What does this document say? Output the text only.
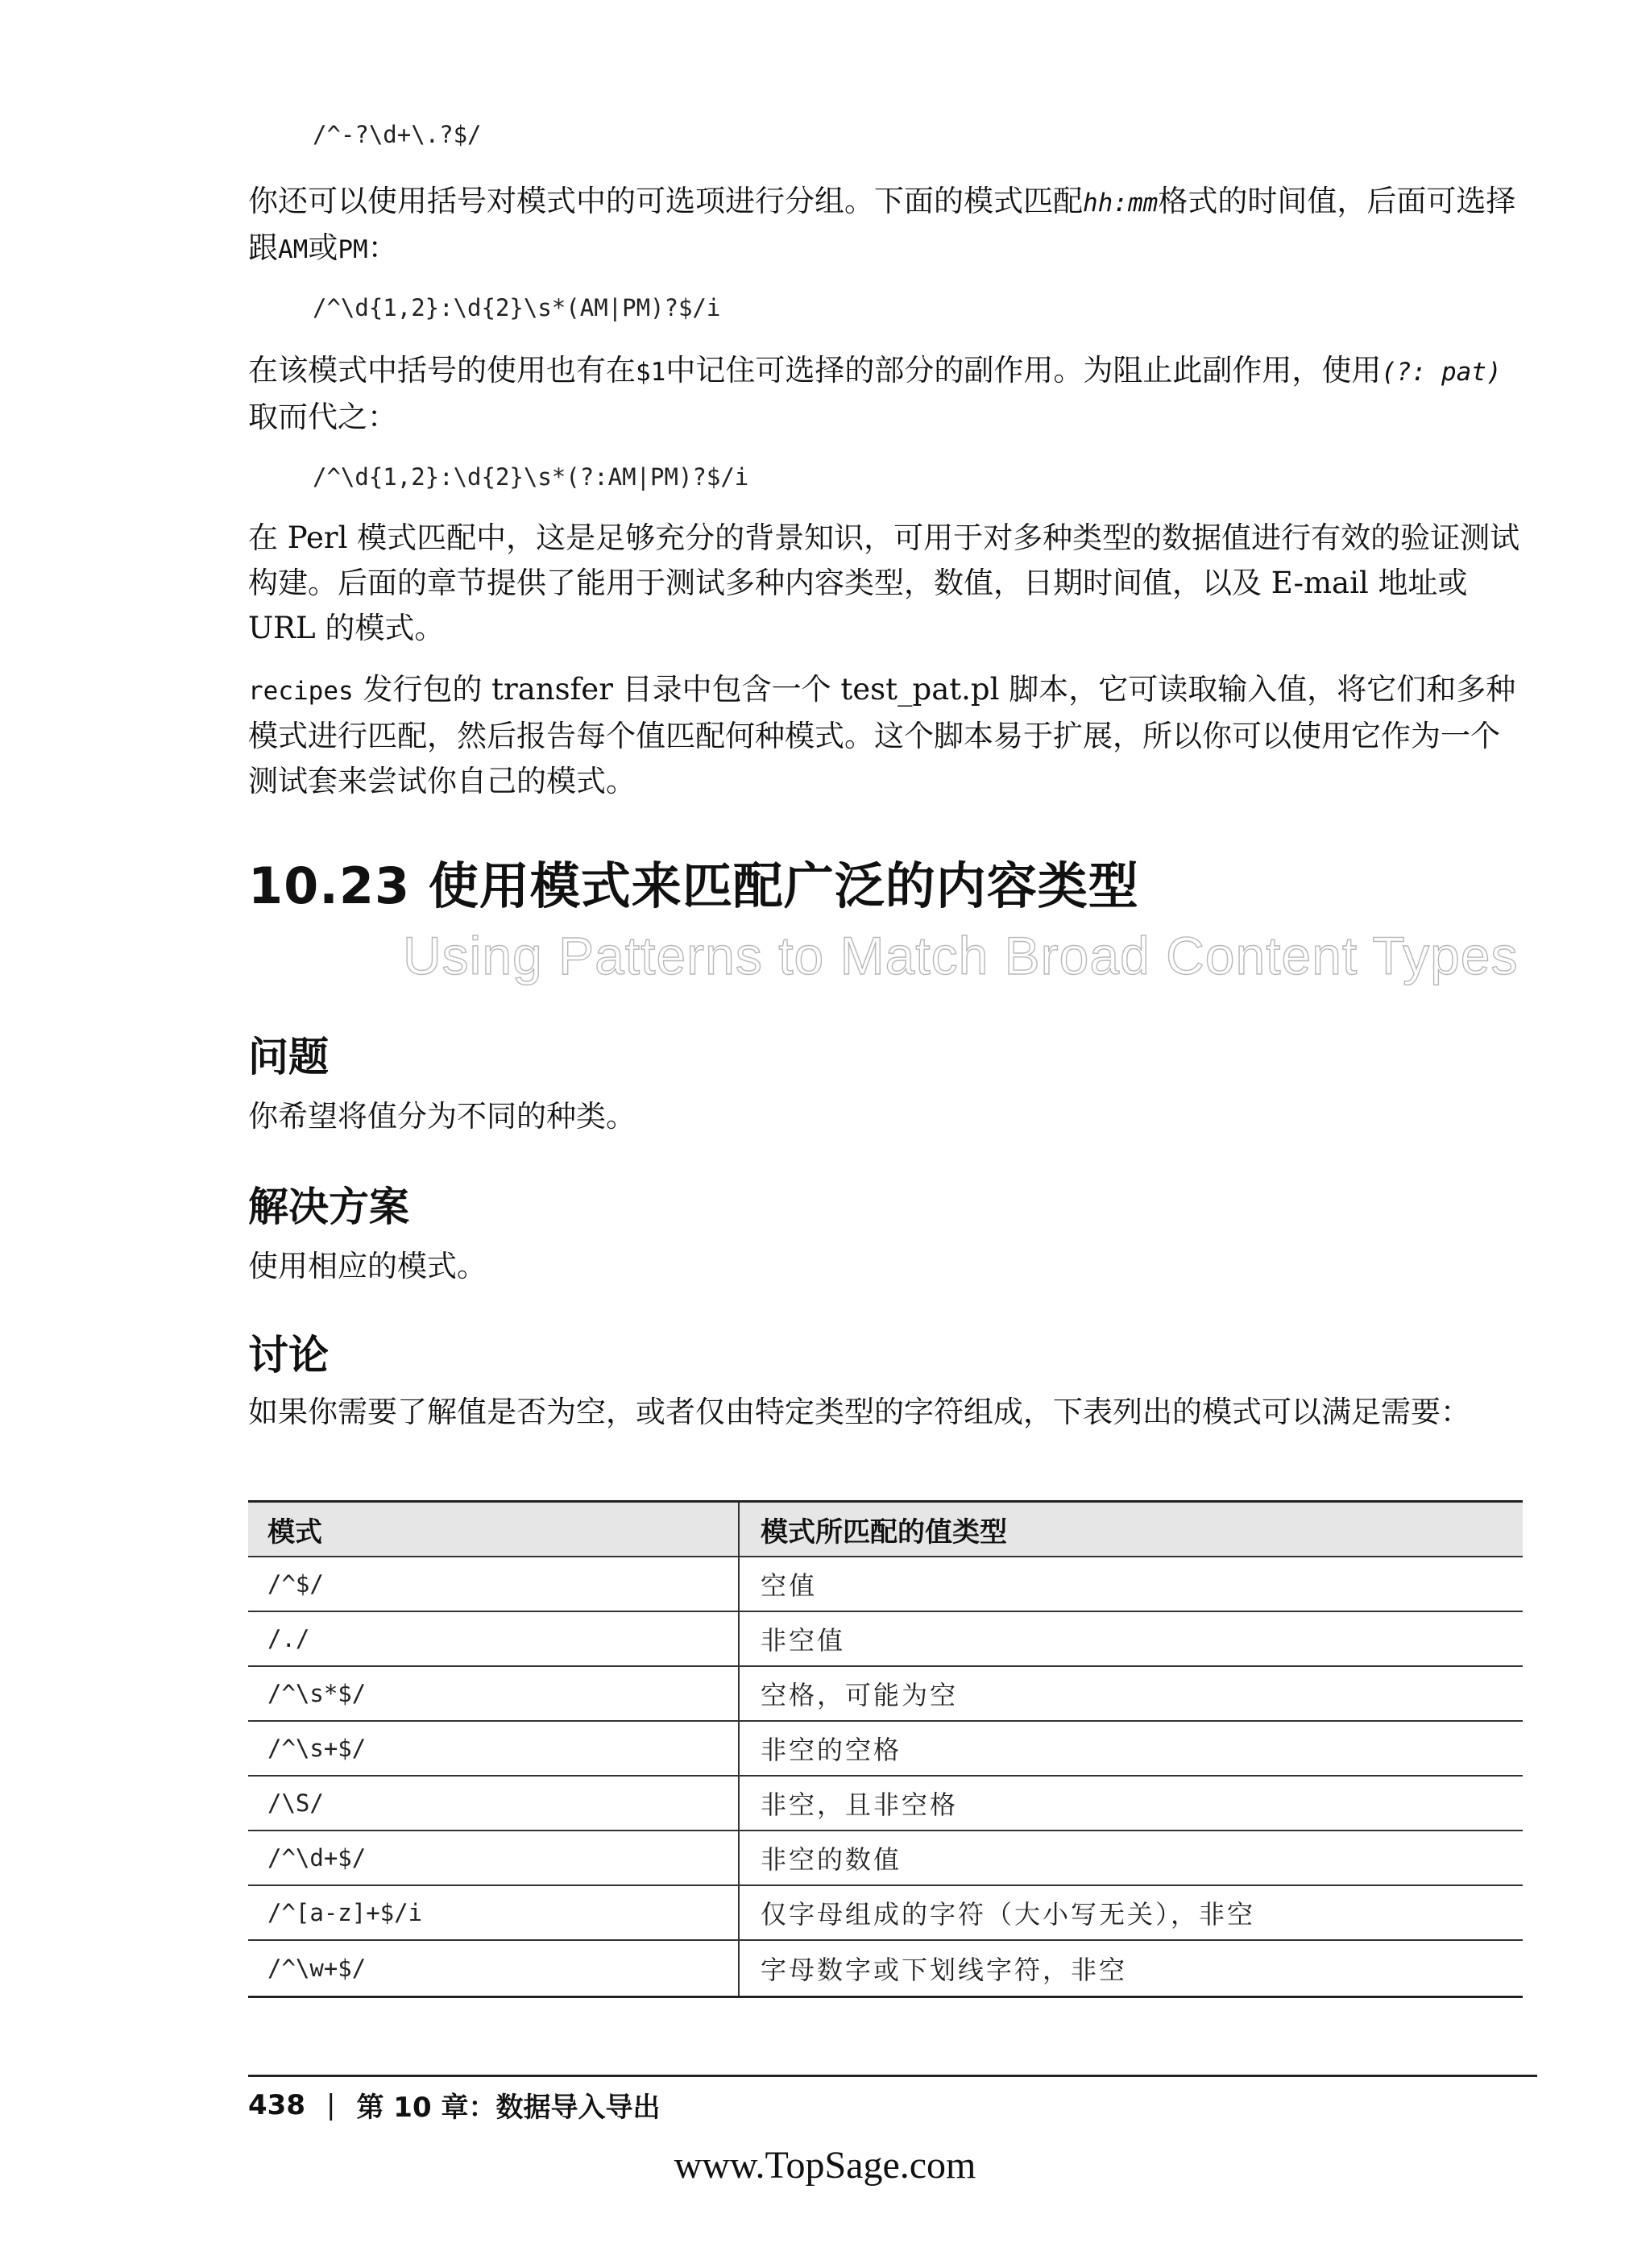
/^-?\d+\.?$/
你还可以使用括号对模式中的可选项进行分组。下面的模式匹配hh:mm格式的时间值，后面可选择跟AM或PM：
/^\d{1,2}:\d{2}\s*(AM|PM)?$/i
在该模式中括号的使用也有在$1中记住可选择的部分的副作用。为阻止此副作用，使用(?: pat)取而代之：
/^\d{1,2}:\d{2}\s*(?:AM|PM)?$/i
在 Perl 模式匹配中，这是足够充分的背景知识，可用于对多种类型的数据值进行有效的验证测试构建。后面的章节提供了能用于测试多种内容类型，数值，日期时间值，以及 E-mail 地址或 URL 的模式。
recipes 发行包的 transfer 目录中包含一个 test_pat.pl 脚本，它可读取输入值，将它们和多种模式进行匹配，然后报告每个值匹配何种模式。这个脚本易于扩展，所以你可以使用它作为一个测试套来尝试你自己的模式。
10.23 使用模式来匹配广泛的内容类型
Using Patterns to Match Broad Content Types
问题
你希望将值分为不同的种类。
解决方案
使用相应的模式。
讨论
如果你需要了解值是否为空，或者仅由特定类型的字符组成，下表列出的模式可以满足需要：
模式	模式所匹配的值类型
/^$/	空值
/./	非空值
/^\s*$/	空格，可能为空
/^\s+$/	非空的空格
/\S/	非空，且非空格
/^\d+$/	非空的数值
/^[a-z]+$/i	仅字母组成的字符（大小写无关），非空
/^\w+$/	字母数字或下划线字符，非空
438 | 第 10 章：数据导入导出
www.TopSage.com
